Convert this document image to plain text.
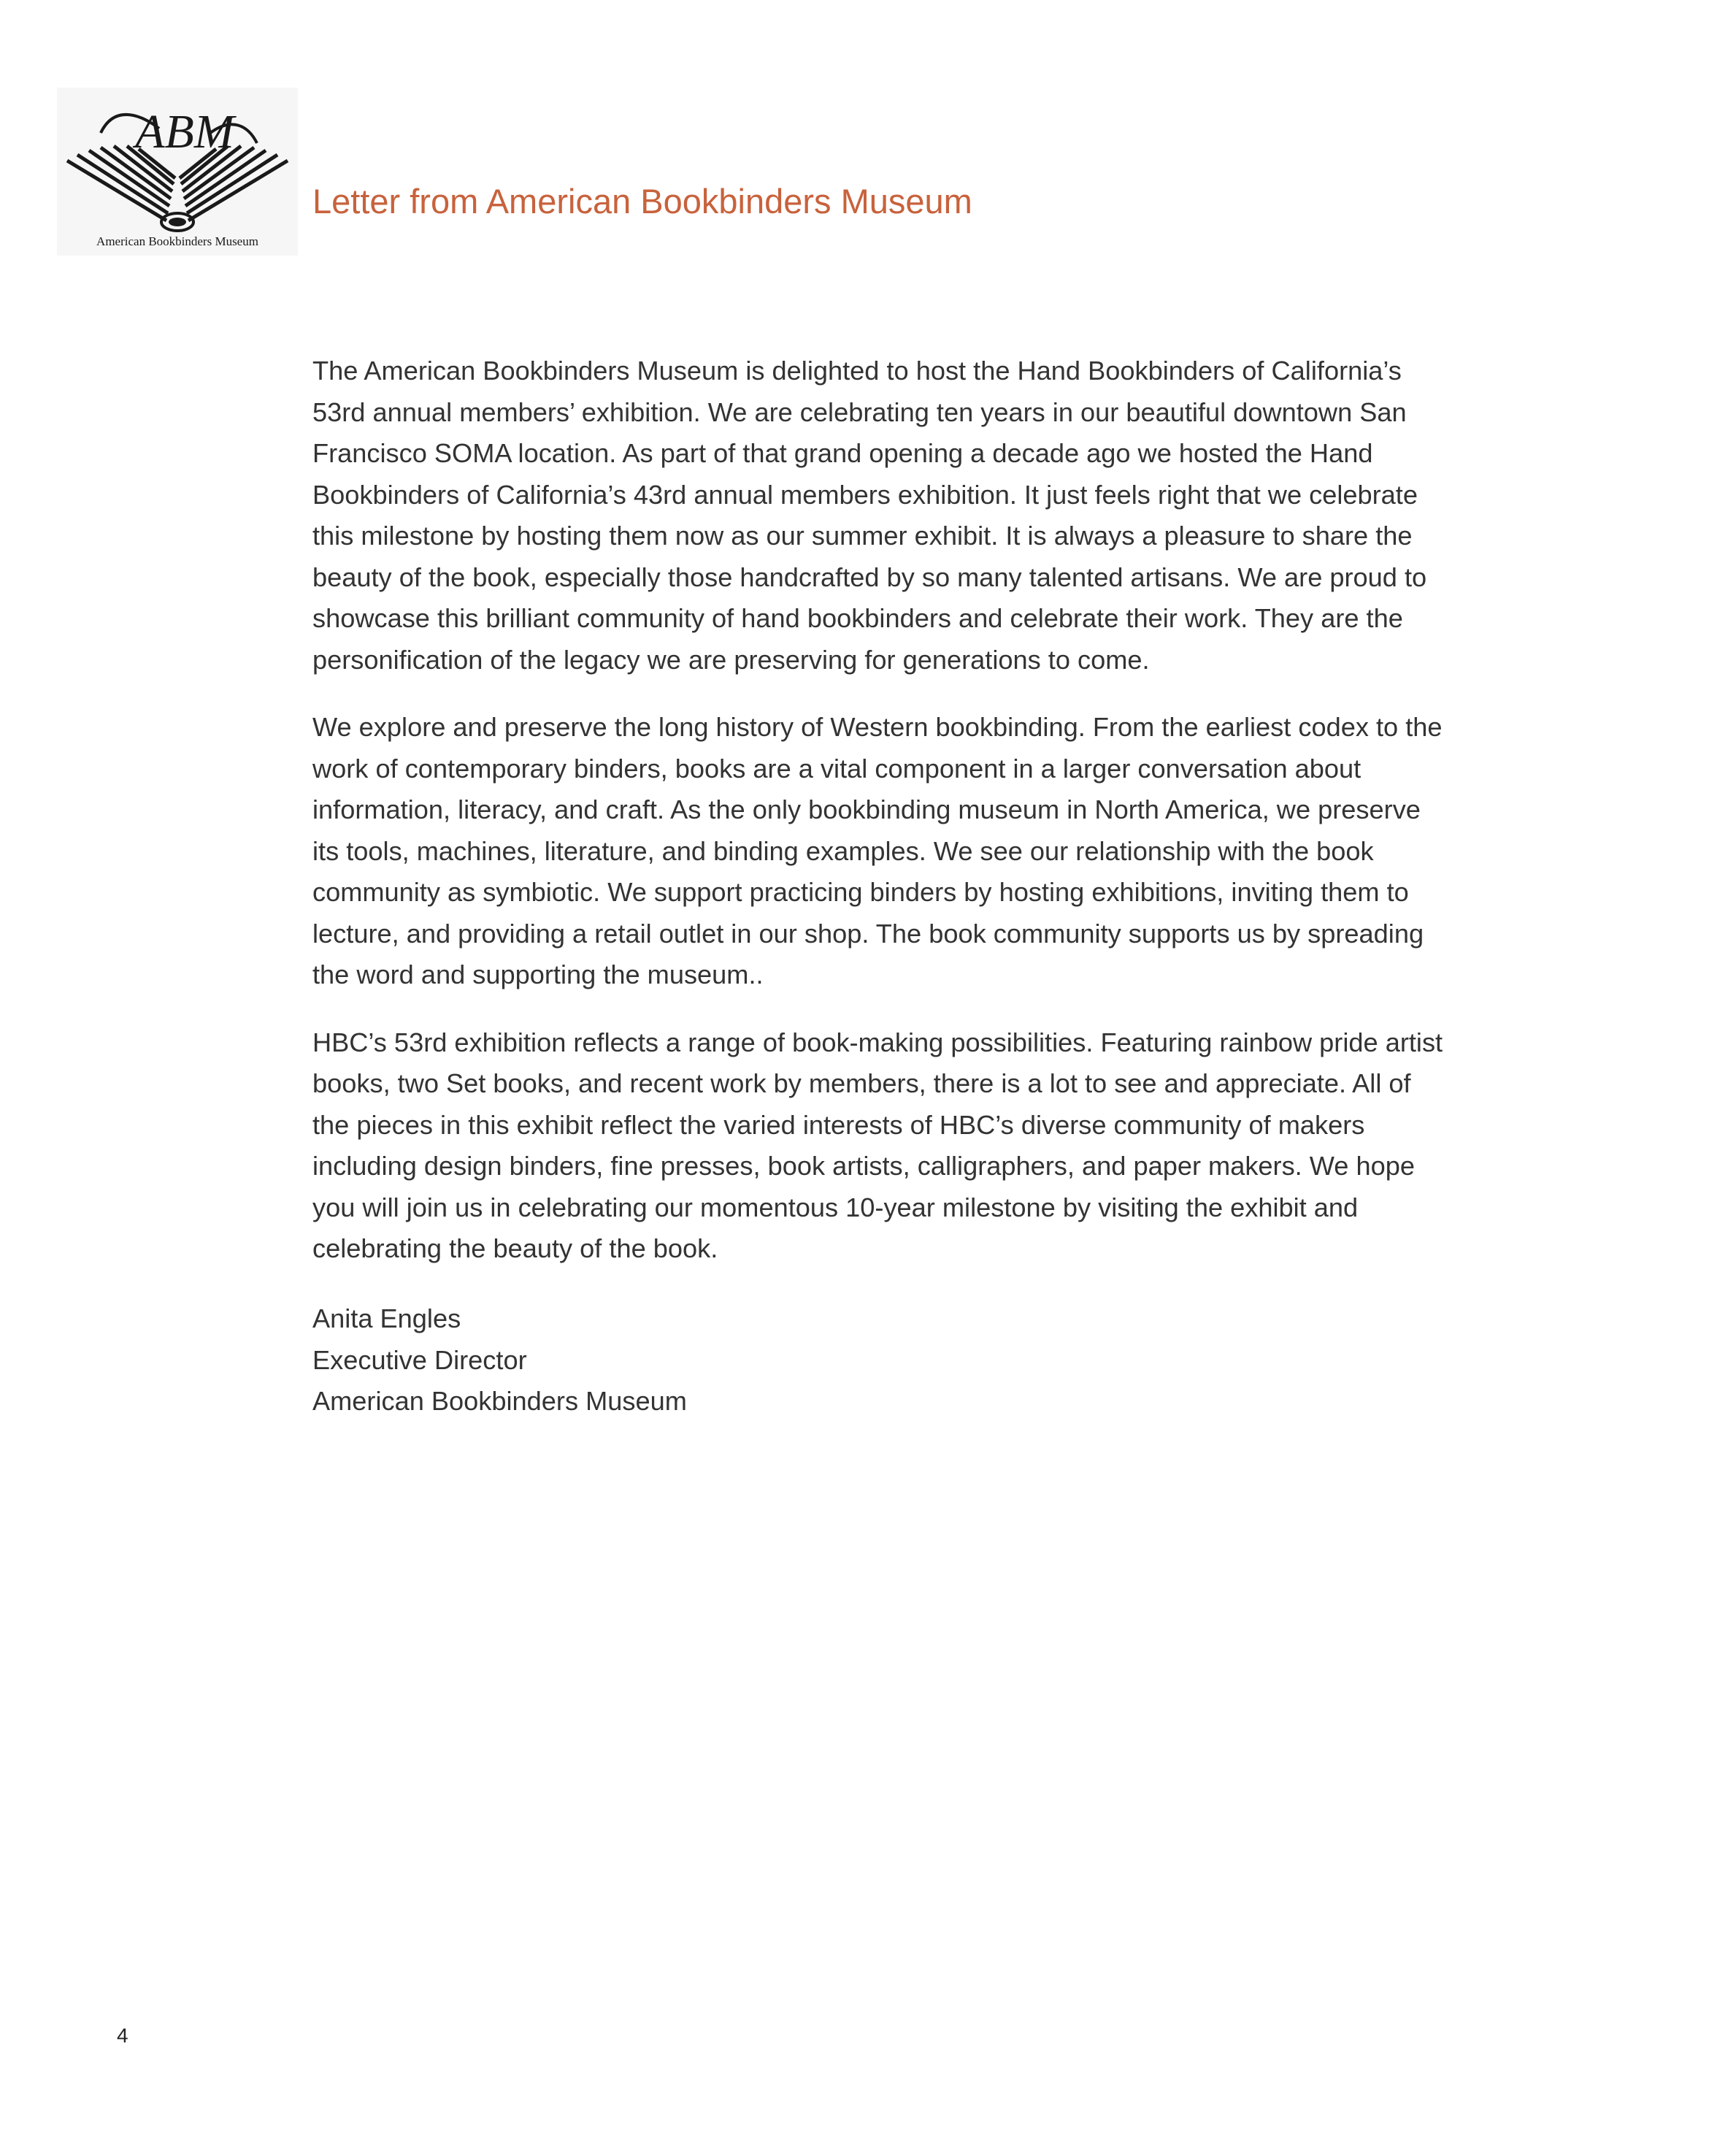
ABM
American Bookbinders Museum
Letter from American Bookbinders Museum

The American Bookbinders Museum is delighted to host the Hand Bookbinders of California’s 53rd annual members’ exhibition. We are celebrating ten years in our beautiful downtown San Francisco SOMA location. As part of that grand opening a decade ago we hosted the Hand Bookbinders of California’s 43rd annual members exhibition. It just feels right that we celebrate this milestone by hosting them now as our summer exhibit. It is always a pleasure to share the beauty of the book, especially those handcrafted by so many talented artisans. We are proud to showcase this brilliant community of hand bookbinders and celebrate their work. They are the personification of the legacy we are preserving for generations to come.

We explore and preserve the long history of Western bookbinding. From the earliest codex to the work of contemporary binders, books are a vital component in a larger conversation about information, literacy, and craft. As the only bookbinding museum in North America, we preserve its tools, machines, literature, and binding examples. We see our relationship with the book community as symbiotic. We support practicing binders by hosting exhibitions, inviting them to lecture, and providing a retail outlet in our shop. The book community supports us by spreading the word and supporting the museum..

HBC’s 53rd exhibition reflects a range of book-making possibilities. Featuring rainbow pride artist books, two Set books, and recent work by members, there is a lot to see and appreciate. All of the pieces in this exhibit reflect the varied interests of HBC’s diverse community of makers including design binders, fine presses, book artists, calligraphers, and paper makers. We hope you will join us in celebrating our momentous 10-year milestone by visiting the exhibit and celebrating the beauty of the book.

Anita Engles
Executive Director
American Bookbinders Museum
4
